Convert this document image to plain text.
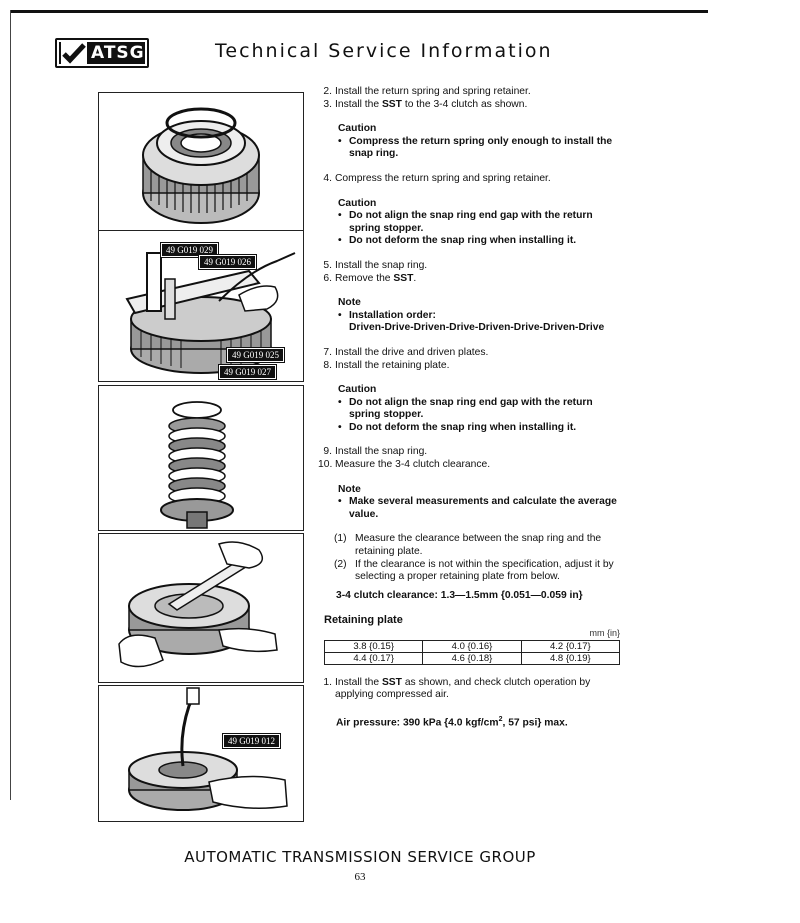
ATSG	Technical Service Information
49 G019 029
49 G019 026
49 G019 025
49 G019 027
49 G019 012
2. Install the return spring and spring retainer.
3. Install the SST to the 3-4 clutch as shown.
Caution
• Compress the return spring only enough to install the snap ring.
4. Compress the return spring and spring retainer.
Caution
• Do not align the snap ring end gap with the return spring stopper.
• Do not deform the snap ring when installing it.
5. Install the snap ring.
6. Remove the SST.
Note
• Installation order:
Driven-Drive-Driven-Drive-Driven-Drive-Driven-Drive
7. Install the drive and driven plates.
8. Install the retaining plate.
Caution
• Do not align the snap ring end gap with the return spring stopper.
• Do not deform the snap ring when installing it.
9. Install the snap ring.
10. Measure the 3-4 clutch clearance.
Note
• Make several measurements and calculate the average value.
(1) Measure the clearance between the snap ring and the retaining plate.
(2) If the clearance is not within the specification, adjust it by selecting a proper retaining plate from below.
3-4 clutch clearance: 1.3—1.5mm {0.051—0.059 in}
Retaining plate
mm {in}
3.8 {0.15}	4.0 {0.16}	4.2 {0.17}
4.4 {0.17}	4.6 {0.18}	4.8 {0.19}
1. Install the SST as shown, and check clutch operation by applying compressed air.
Air pressure: 390 kPa {4.0 kgf/$cm^2$, 57 psi} max.
AUTOMATIC TRANSMISSION SERVICE GROUP
63
